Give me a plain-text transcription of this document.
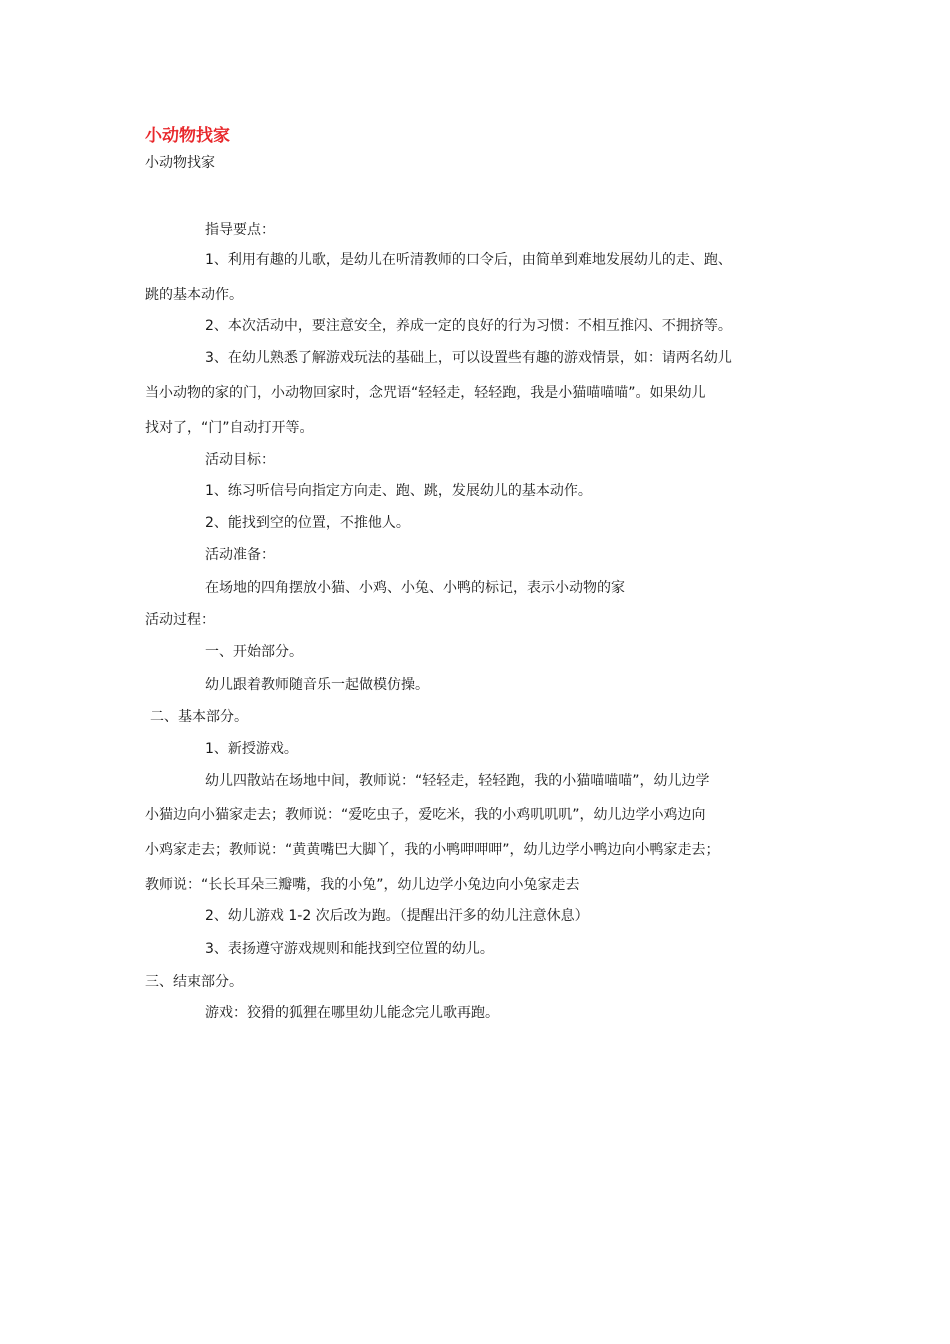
小动物找家
小动物找家
指导要点：
1、利用有趣的儿歌，是幼儿在听清教师的口令后，由简单到难地发展幼儿的走、跑、
跳的基本动作。
2、本次活动中，要注意安全，养成一定的良好的行为习惯：不相互推闪、不拥挤等。
3、在幼儿熟悉了解游戏玩法的基础上，可以设置些有趣的游戏情景，如：请两名幼儿
当小动物的家的门，小动物回家时，念咒语“轻轻走，轻轻跑，我是小猫喵喵喵”。如果幼儿
找对了，“门”自动打开等。
活动目标：
1、练习听信号向指定方向走、跑、跳，发展幼儿的基本动作。
2、能找到空的位置，不推他人。
活动准备：
在场地的四角摆放小猫、小鸡、小兔、小鸭的标记，表示小动物的家
活动过程：
一、开始部分。
幼儿跟着教师随音乐一起做模仿操。
二、基本部分。
1、新授游戏。
幼儿四散站在场地中间，教师说：“轻轻走，轻轻跑，我的小猫喵喵喵”，幼儿边学
小猫边向小猫家走去；教师说：“爱吃虫子，爱吃米，我的小鸡叽叽叽”，幼儿边学小鸡边向
小鸡家走去；教师说：“黄黄嘴巴大脚丫，我的小鸭呷呷呷”，幼儿边学小鸭边向小鸭家走去；
教师说：“长长耳朵三瓣嘴，我的小兔”，幼儿边学小兔边向小兔家走去
2、幼儿游戏 1-2 次后改为跑。（提醒出汗多的幼儿注意休息）
3、表扬遵守游戏规则和能找到空位置的幼儿。
三、结束部分。
游戏：狡猾的狐狸在哪里幼儿能念完儿歌再跑。
